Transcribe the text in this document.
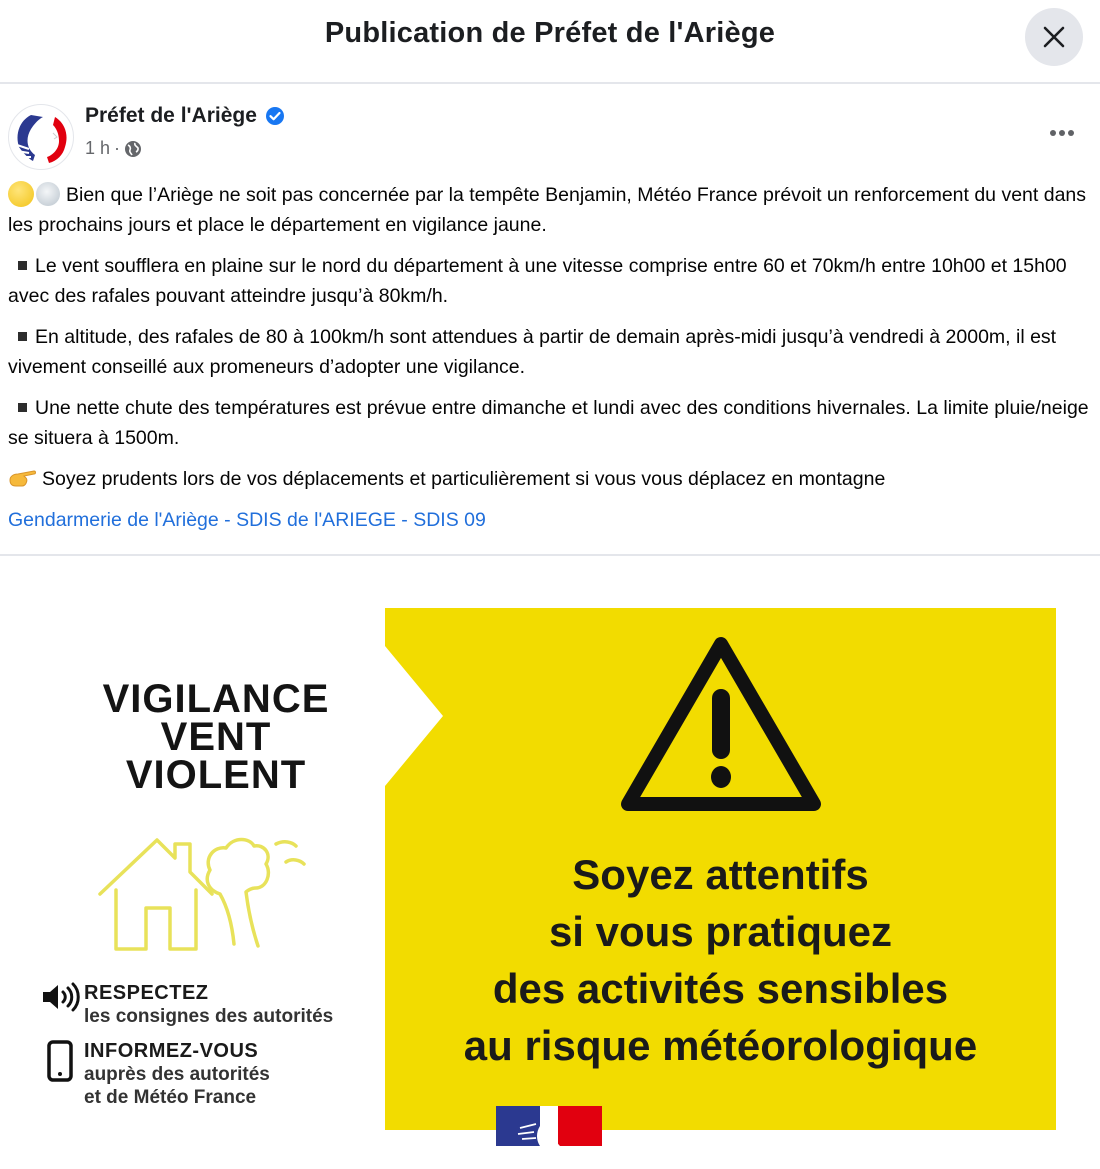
Publication de Préfet de l'Ariège
Préfet de l'Ariège
1 h ·

Bien que l’Ariège ne soit pas concernée par la tempête Benjamin, Météo France prévoit un renforcement du vent dans les prochains jours et place le département en vigilance jaune.

Le vent soufflera en plaine sur le nord du département à une vitesse comprise entre 60 et 70km/h entre 10h00 et 15h00 avec des rafales pouvant atteindre jusqu’à 80km/h.

En altitude, des rafales de 80 à 100km/h sont attendues à partir de demain après-midi jusqu’à vendredi à 2000m, il est vivement conseillé aux promeneurs d’adopter une vigilance.

Une nette chute des températures est prévue entre dimanche et lundi avec des conditions hivernales. La limite pluie/neige se situera à 1500m.

Soyez prudents lors de vos déplacements et particulièrement si vous vous déplacez en montagne

Gendarmerie de l'Ariège - SDIS de l'ARIEGE - SDIS 09

VIGILANCE
VENT
VIOLENT
RESPECTEZ
les consignes des autorités
INFORMEZ-VOUS
auprès des autorités
et de Météo France
Soyez attentifs
si vous pratiquez
des activités sensibles
au risque météorologique
